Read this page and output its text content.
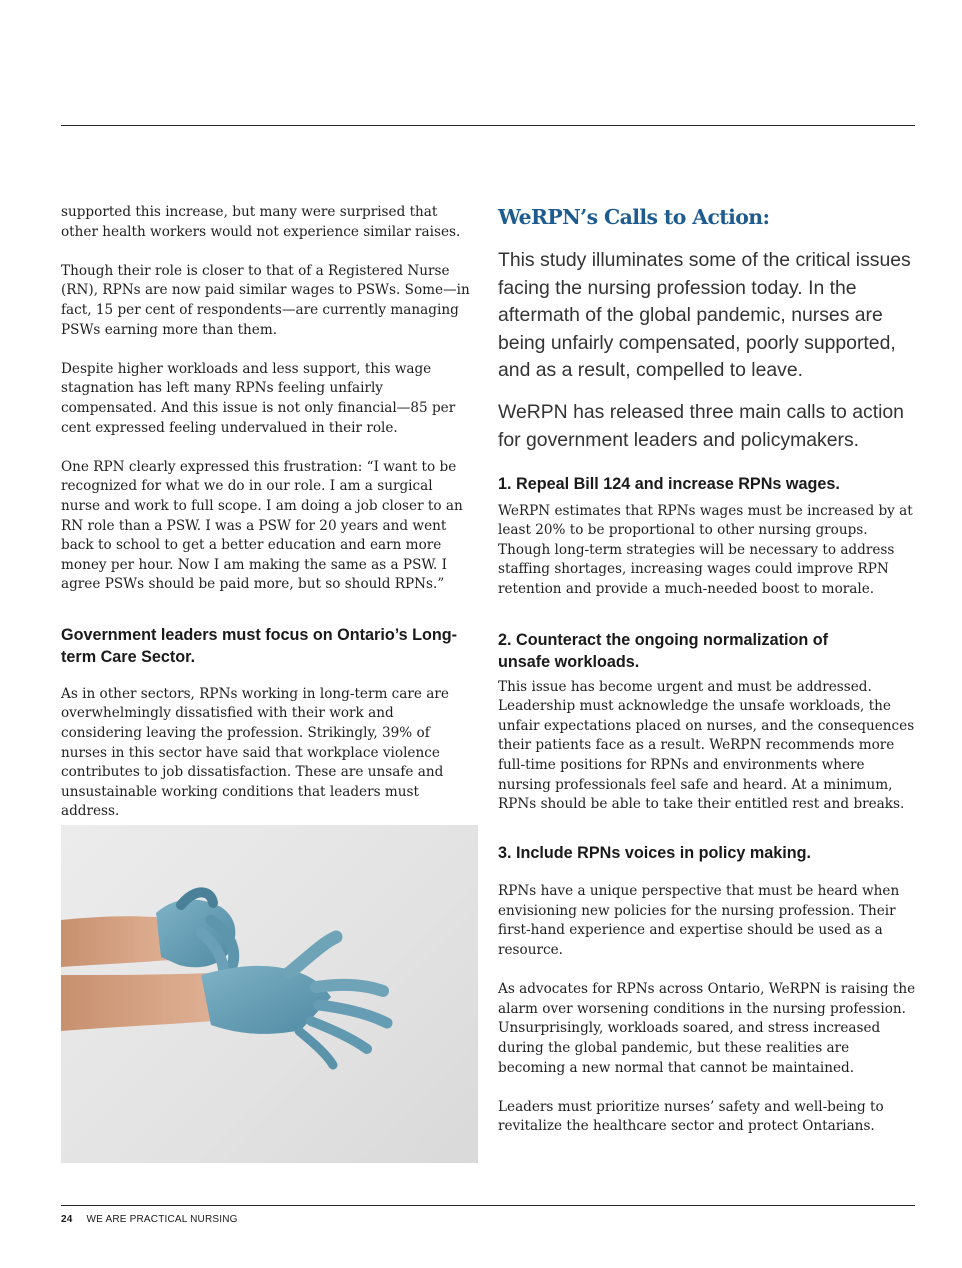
supported this increase, but many were surprised that other health workers would not experience similar raises.

Though their role is closer to that of a Registered Nurse (RN), RPNs are now paid similar wages to PSWs. Some—in fact, 15 per cent of respondents—are currently managing PSWs earning more than them.

Despite higher workloads and less support, this wage stagnation has left many RPNs feeling unfairly compensated. And this issue is not only financial—85 per cent expressed feeling undervalued in their role.

One RPN clearly expressed this frustration: “I want to be recognized for what we do in our role. I am a surgical nurse and work to full scope. I am doing a job closer to an RN role than a PSW. I was a PSW for 20 years and went back to school to get a better education and earn more money per hour. Now I am making the same as a PSW. I agree PSWs should be paid more, but so should RPNs.”

Government leaders must focus on Ontario’s Long-term Care Sector.

As in other sectors, RPNs working in long-term care are overwhelmingly dissatisfied with their work and considering leaving the profession. Strikingly, 39% of nurses in this sector have said that workplace violence contributes to job dissatisfaction. These are unsafe and unsustainable working conditions that leaders must address.

WeRPN’s Calls to Action:

This study illuminates some of the critical issues facing the nursing profession today. In the aftermath of the global pandemic, nurses are being unfairly compensated, poorly supported, and as a result, compelled to leave.

WeRPN has released three main calls to action for government leaders and policymakers.

1. Repeal Bill 124 and increase RPNs wages.

WeRPN estimates that RPNs wages must be increased by at least 20% to be proportional to other nursing groups. Though long-term strategies will be necessary to address staffing shortages, increasing wages could improve RPN retention and provide a much-needed boost to morale.

2. Counteract the ongoing normalization of unsafe workloads.

This issue has become urgent and must be addressed. Leadership must acknowledge the unsafe workloads, the unfair expectations placed on nurses, and the consequences their patients face as a result. WeRPN recommends more full-time positions for RPNs and environments where nursing professionals feel safe and heard. At a minimum, RPNs should be able to take their entitled rest and breaks.

3. Include RPNs voices in policy making.

RPNs have a unique perspective that must be heard when envisioning new policies for the nursing profession. Their first-hand experience and expertise should be used as a resource.

As advocates for RPNs across Ontario, WeRPN is raising the alarm over worsening conditions in the nursing profession. Unsurprisingly, workloads soared, and stress increased during the global pandemic, but these realities are becoming a new normal that cannot be maintained.

Leaders must prioritize nurses’ safety and well-being to revitalize the healthcare sector and protect Ontarians.

24 WE ARE PRACTICAL NURSING
